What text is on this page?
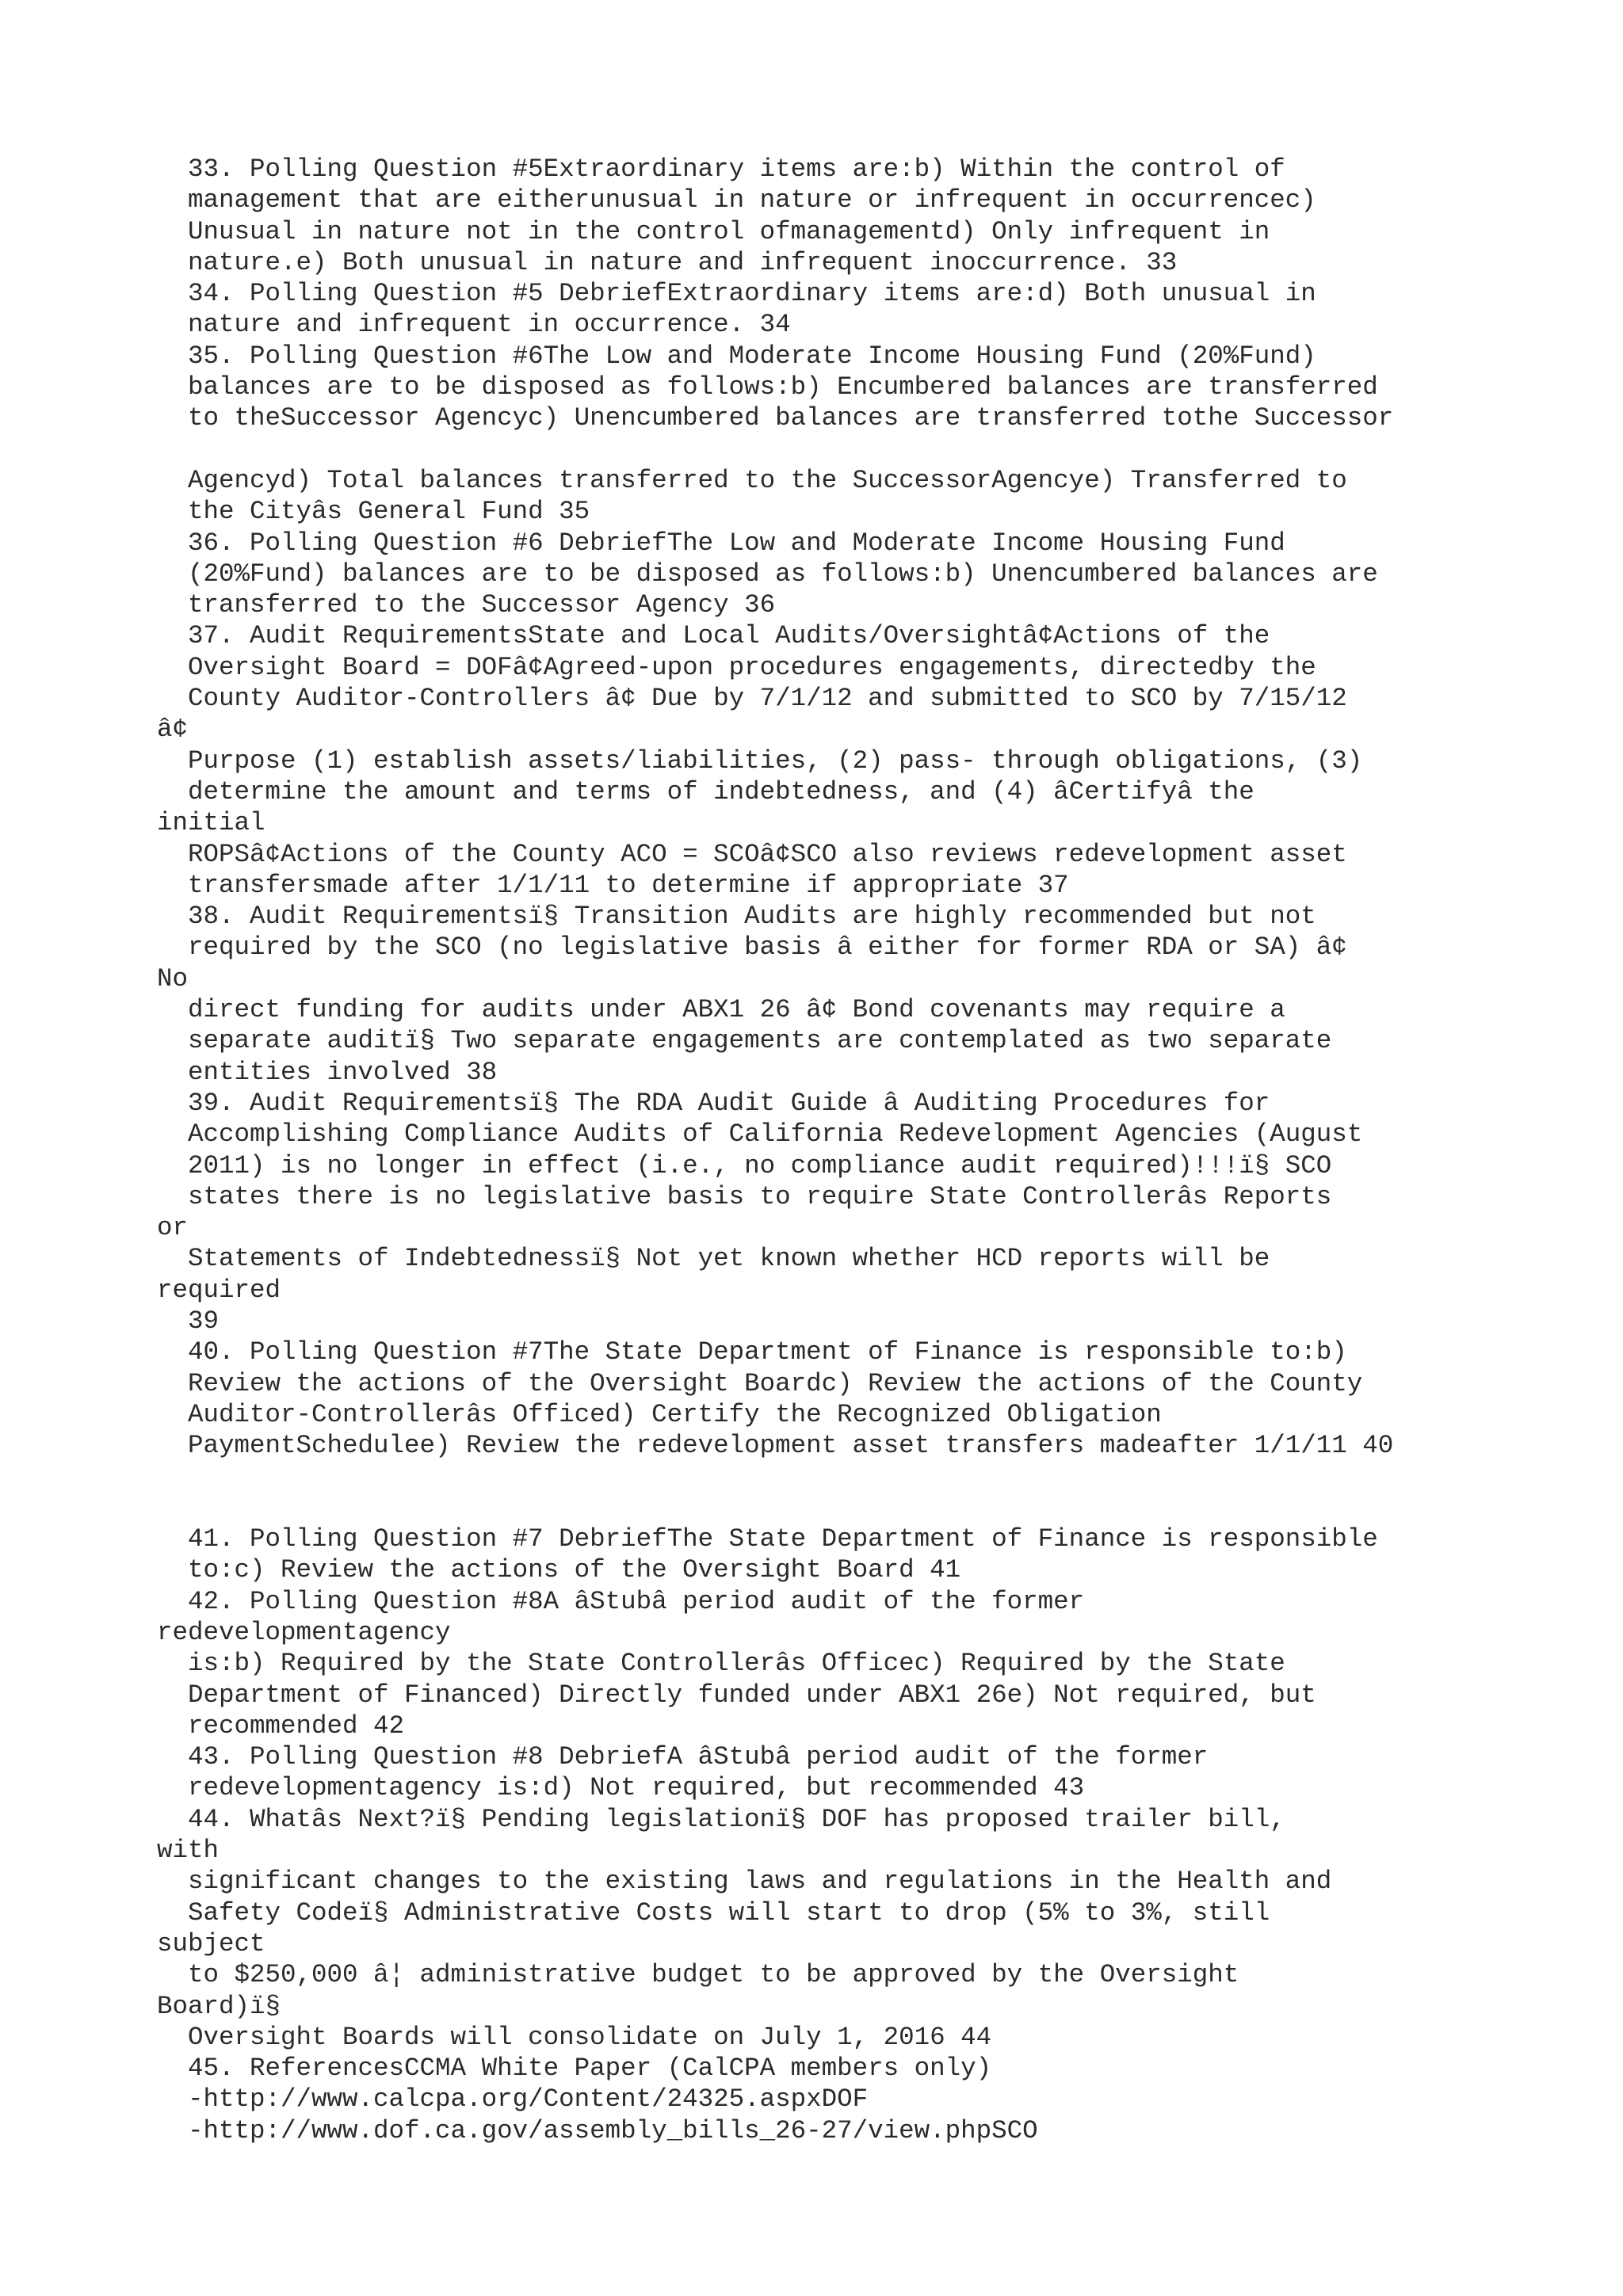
33. Polling Question #5Extraordinary items are:b) Within the control of
management that are eitherunusual in nature or infrequent in occurrencec)
Unusual in nature not in the control ofmanagementd) Only infrequent in
nature.e) Both unusual in nature and infrequent inoccurrence. 33
34. Polling Question #5 DebriefExtraordinary items are:d) Both unusual in
nature and infrequent in occurrence. 34
35. Polling Question #6The Low and Moderate Income Housing Fund (20%Fund)
balances are to be disposed as follows:b) Encumbered balances are transferred
to theSuccessor Agencyc) Unencumbered balances are transferred tothe Successor
Agencyd) Total balances transferred to the SuccessorAgencye) Transferred to
the Cityâs General Fund 35
36. Polling Question #6 DebriefThe Low and Moderate Income Housing Fund
(20%Fund) balances are to be disposed as follows:b) Unencumbered balances are
transferred to the Successor Agency 36
37. Audit RequirementsState and Local Audits/Oversightâ¢Actions of the
Oversight Board = DOFâ¢Agreed-upon procedures engagements, directedby the
County Auditor-Controllers â¢ Due by 7/1/12 and submitted to SCO by 7/15/12
â¢
Purpose (1) establish assets/liabilities, (2) pass- through obligations, (3)
determine the amount and terms of indebtedness, and (4) âCertifyâ the
initial
ROPSâ¢Actions of the County ACO = SCOâ¢SCO also reviews redevelopment asset
transfersmade after 1/1/11 to determine if appropriate 37
38. Audit Requirementsï§ Transition Audits are highly recommended but not
required by the SCO (no legislative basis â either for former RDA or SA) â¢
No
direct funding for audits under ABX1 26 â¢ Bond covenants may require a
separate auditï§ Two separate engagements are contemplated as two separate
entities involved 38
39. Audit Requirementsï§ The RDA Audit Guide â Auditing Procedures for
Accomplishing Compliance Audits of California Redevelopment Agencies (August
2011) is no longer in effect (i.e., no compliance audit required)!!!ï§ SCO
states there is no legislative basis to require State Controllerâs Reports
or
Statements of Indebtednessï§ Not yet known whether HCD reports will be
required
39
40. Polling Question #7The State Department of Finance is responsible to:b)
Review the actions of the Oversight Boardc) Review the actions of the County
Auditor-Controllerâs Officed) Certify the Recognized Obligation
PaymentSchedulee) Review the redevelopment asset transfers madeafter 1/1/11 40
41. Polling Question #7 DebriefThe State Department of Finance is responsible
to:c) Review the actions of the Oversight Board 41
42. Polling Question #8A âStubâ period audit of the former
redevelopmentagency
is:b) Required by the State Controllerâs Officec) Required by the State
Department of Financed) Directly funded under ABX1 26e) Not required, but
recommended 42
43. Polling Question #8 DebriefA âStubâ period audit of the former
redevelopmentagency is:d) Not required, but recommended 43
44. Whatâs Next?ï§ Pending legislationï§ DOF has proposed trailer bill,
with
significant changes to the existing laws and regulations in the Health and
Safety Codeï§ Administrative Costs will start to drop (5% to 3%, still
subject
to $250,000 â¦ administrative budget to be approved by the Oversight
Board)ï§
Oversight Boards will consolidate on July 1, 2016 44
45. ReferencesCCMA White Paper (CalCPA members only)
-http://www.calcpa.org/Content/24325.aspxDOF
-http://www.dof.ca.gov/assembly_bills_26-27/view.phpSCO
